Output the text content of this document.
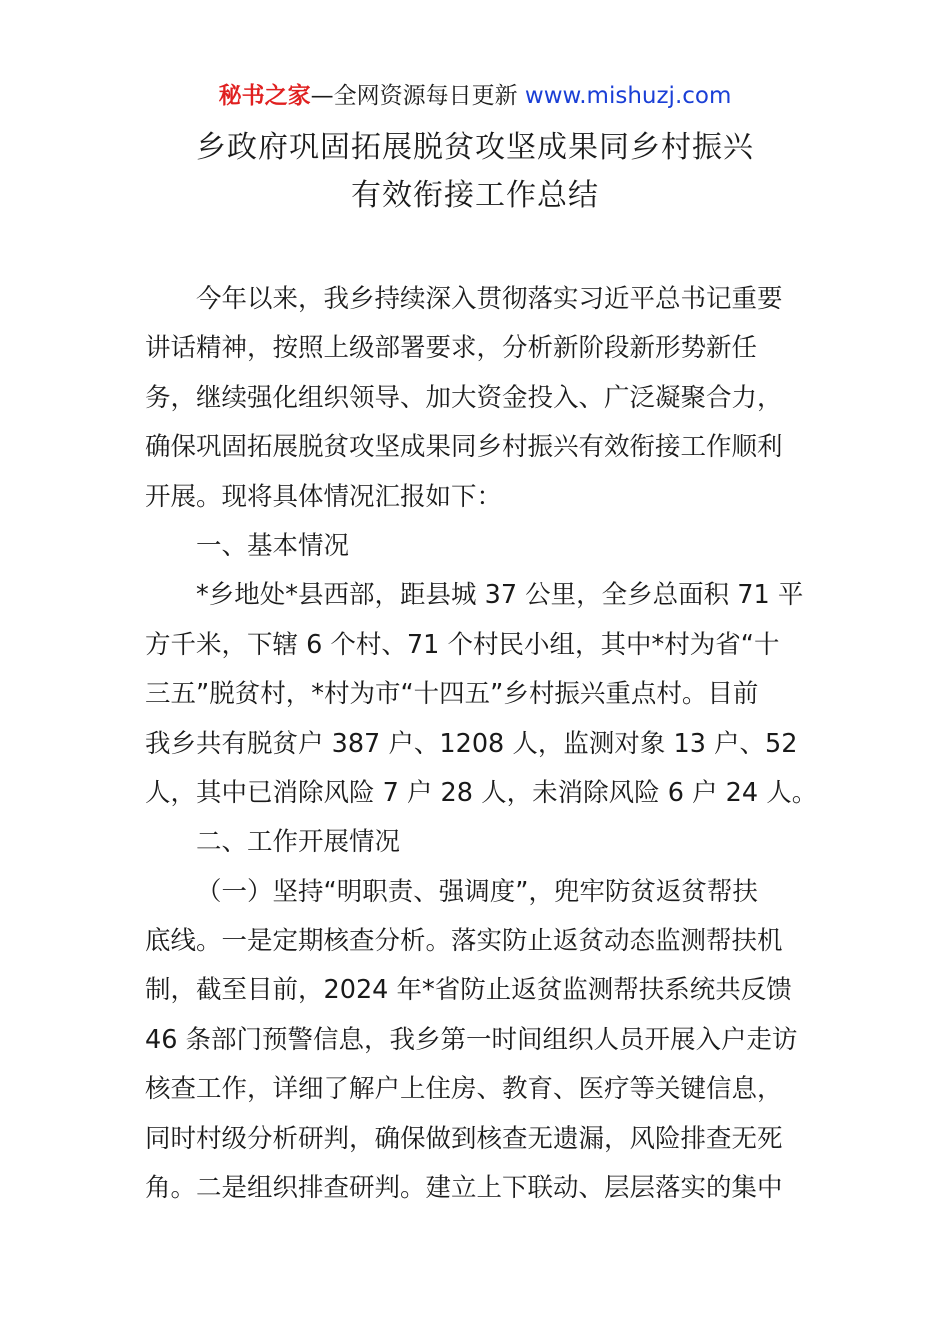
秘书之家—全网资源每日更新 www.mishuzj.com
乡政府巩固拓展脱贫攻坚成果同乡村振兴
有效衔接工作总结
今年以来，我乡持续深入贯彻落实习近平总书记重要
讲话精神，按照上级部署要求，分析新阶段新形势新任
务，继续强化组织领导、加大资金投入、广泛凝聚合力，
确保巩固拓展脱贫攻坚成果同乡村振兴有效衔接工作顺利
开展。现将具体情况汇报如下：
一、基本情况
*乡地处*县西部，距县城 37 公里，全乡总面积 71 平
方千米，下辖 6 个村、71 个村民小组，其中*村为省“十
三五”脱贫村，*村为市“十四五”乡村振兴重点村。目前
我乡共有脱贫户 387 户、1208 人，监测对象 13 户、52
人，其中已消除风险 7 户 28 人，未消除风险 6 户 24 人。
二、工作开展情况
（一）坚持“明职责、强调度”，兜牢防贫返贫帮扶
底线。一是定期核查分析。落实防止返贫动态监测帮扶机
制，截至目前，2024 年*省防止返贫监测帮扶系统共反馈
46 条部门预警信息，我乡第一时间组织人员开展入户走访
核查工作，详细了解户上住房、教育、医疗等关键信息，
同时村级分析研判，确保做到核查无遗漏，风险排查无死
角。二是组织排查研判。建立上下联动、层层落实的集中
